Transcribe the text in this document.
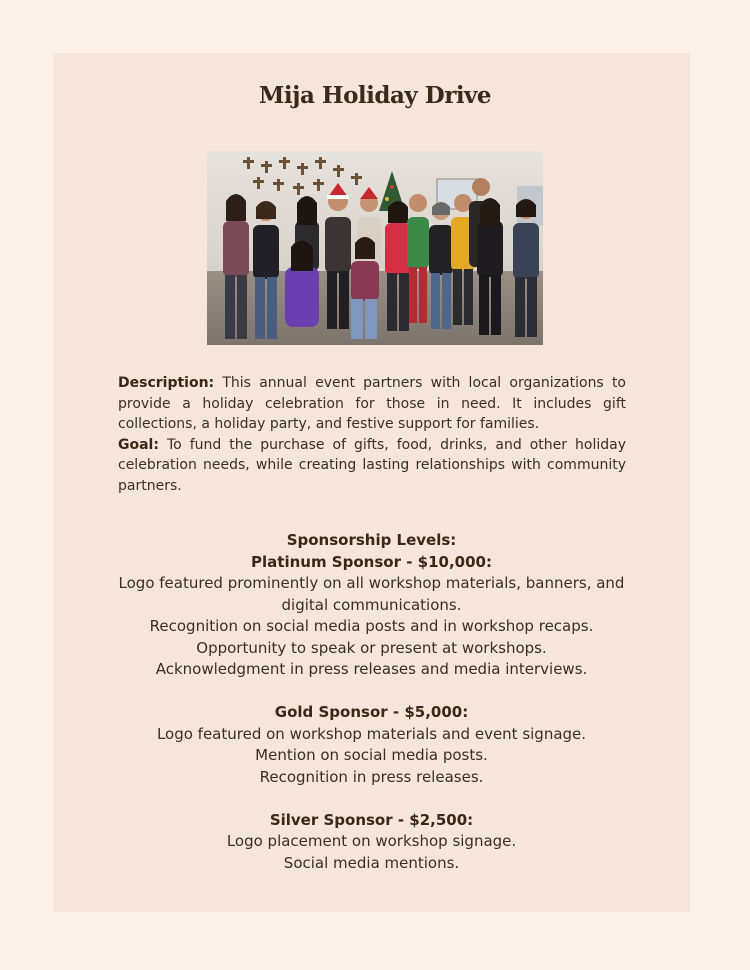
Mija Holiday Drive

Description: This annual event partners with local organizations to provide a holiday celebration for those in need. It includes gift collections, a holiday party, and festive support for families.

Goal: To fund the purchase of gifts, food, drinks, and other holiday celebration needs, while creating lasting relationships with community partners.

Sponsorship Levels:
Platinum Sponsor - $10,000:
Logo featured prominently on all workshop materials, banners, and digital communications.
Recognition on social media posts and in workshop recaps.
Opportunity to speak or present at workshops.
Acknowledgment in press releases and media interviews.
Gold Sponsor - $5,000:
Logo featured on workshop materials and event signage.
Mention on social media posts.
Recognition in press releases.
Silver Sponsor - $2,500:
Logo placement on workshop signage.
Social media mentions.
